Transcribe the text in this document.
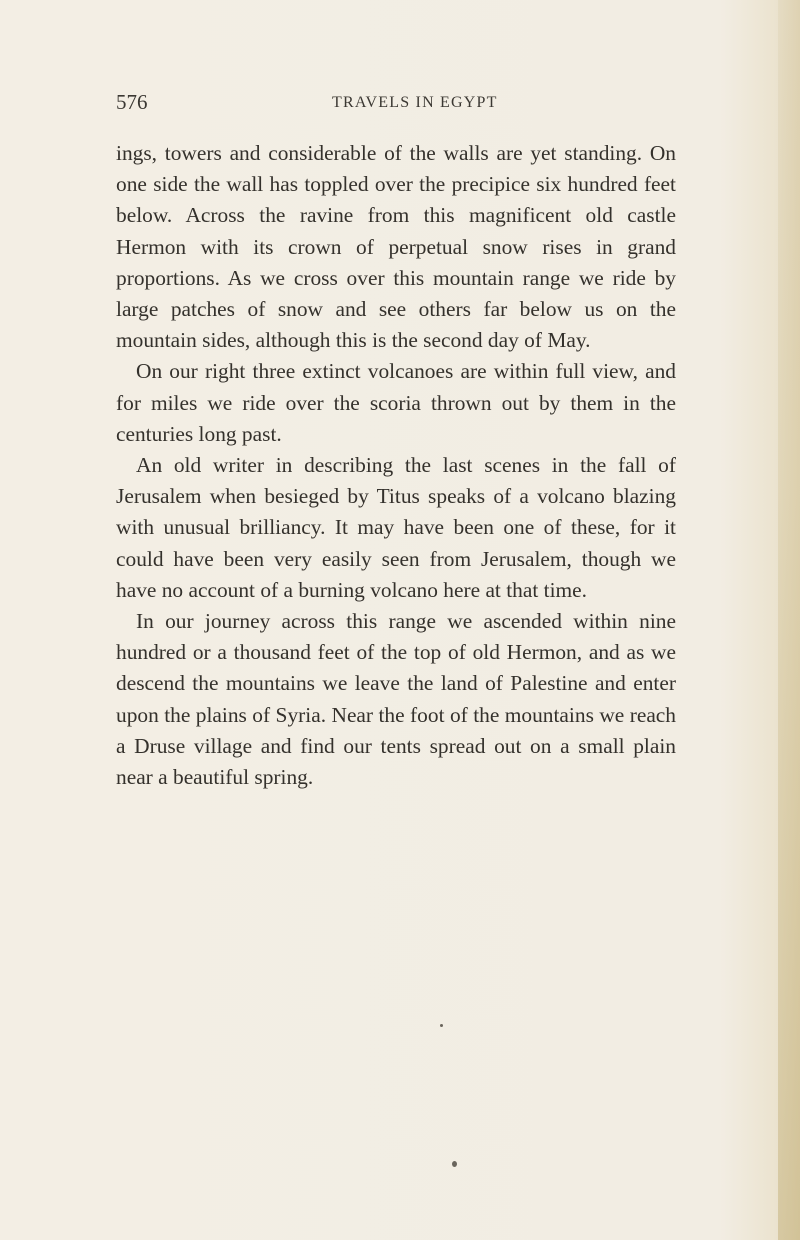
576	TRAVELS IN EGYPT

ings, towers and considerable of the walls are yet standing. On one side the wall has toppled over the precipice six hundred feet below. Across the ravine from this magnificent old castle Hermon with its crown of perpetual snow rises in grand proportions. As we cross over this mountain range we ride by large patches of snow and see others far below us on the mountain sides, although this is the second day of May.

On our right three extinct volcanoes are within full view, and for miles we ride over the scoria thrown out by them in the centuries long past.

An old writer in describing the last scenes in the fall of Jerusalem when besieged by Titus speaks of a volcano blazing with unusual brilliancy. It may have been one of these, for it could have been very easily seen from Jerusalem, though we have no account of a burning volcano here at that time.

In our journey across this range we ascended within nine hundred or a thousand feet of the top of old Hermon, and as we descend the mountains we leave the land of Palestine and enter upon the plains of Syria. Near the foot of the mountains we reach a Druse village and find our tents spread out on a small plain near a beautiful spring.
